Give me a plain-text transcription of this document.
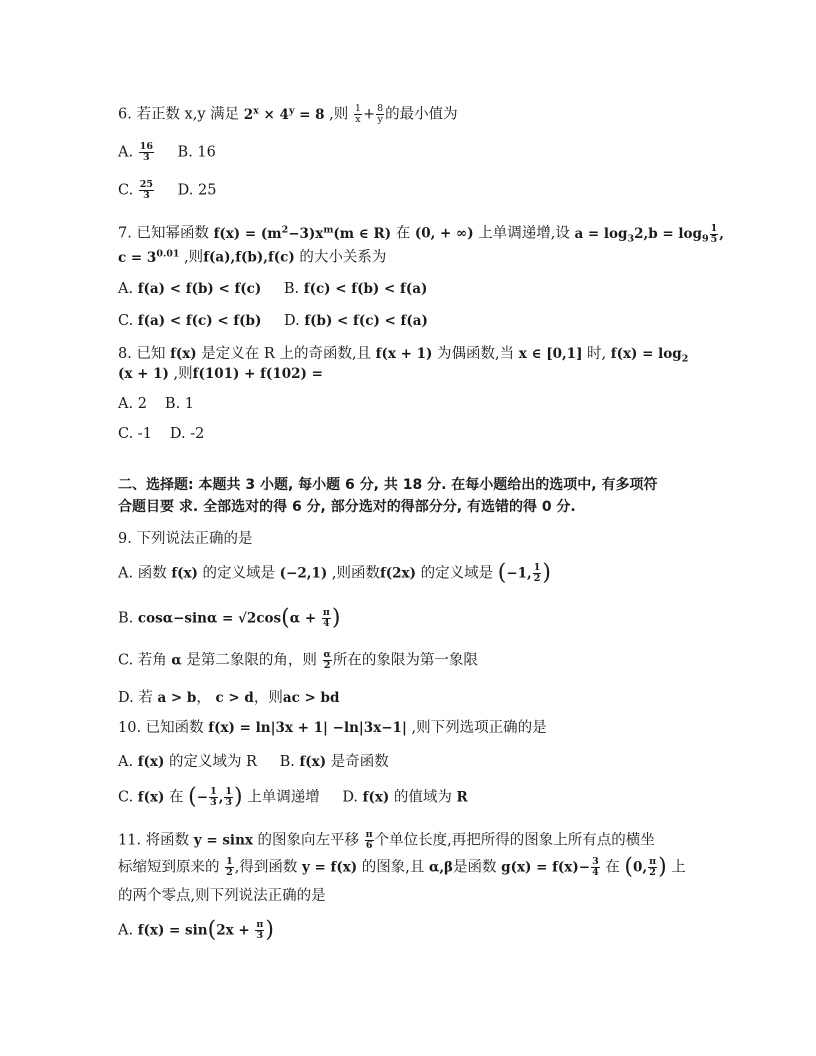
6. 若正数 x,y 满足 $2^x \times 4^y = 8$ ,则 $\frac{1}{x} + \frac{8}{y}$ 的最小值为
A. $\frac{16}{3} B$. 16
C. $\frac{25}{3} D$. 25
7. 已知幂函数 $f(x) = (m^2-3)x^m(m$ ∈ R) 在 (0, + ∞) 上单调递增,设 $a = \log_32,b = \log_9 \frac{1}{5}$ ,
$c = 3^{0.01}$ ,则f(a),f(b),f(c) 的大小关系为
A. f(a) < f(b) < f(c) B. f(c) < f(b) < f(a)
C. f(a) < f(c) < f(b) D. f(b) < f(c) < f(a)
8. 已知 f(x) 是定义在 R 上的奇函数,且 f(x + 1) 为偶函数,当 x ∈ [0,1] 时, $f(x) = \log_2$
(x + 1) ,则f(101) + f(102) =
A. 2 B. 1
C. -1 D. -2
二、选择题: 本题共 3 小题, 每小题 6 分, 共 18 分. 在每小题给出的选项中, 有多项符
合题目要 求. 全部选对的得 6 分, 部分选对的得部分分, 有选错的得 0 分.
9. 下列说法正确的是
A. 函数 f(x) 的定义域是 (−2,1) ,则函数f(2x) 的定义域是 (−1, $\frac{1}{2}$ )
B. $\cos\alpha-\sin\alpha = √2\cos(\alpha + \frac{\pi}{4}$ )
C. 若角 α 是第二象限的角，则 $\frac{\alpha}{2}$ 所在的象限为第一象限
D. 若 a > b， c > d，则ac > bd
10. 已知函数 f(x) = ln|3x + 1| −ln|3x−1| ,则下列选项正确的是
A. f(x) 的定义域为 R B. f(x) 是奇函数
C. f(x) 在 (− $\frac{1}{3}$ , $\frac{1}{3}$ ) 上单调递增 D. f(x) 的值域为 R
11. 将函数 y = sinx 的图象向左平移 $\frac{\pi}{6}$ 个单位长度,再把所得的图象上所有点的横坐
标缩短到原来的 $\frac{1}{2}$ ,得到函数 y = f(x) 的图象,且 α,β是函数 $g(x) = f(x)- \frac{3}{4}$ 在 (0, $\frac{\pi}{2}$ ) 上
的两个零点,则下列说法正确的是
A. $f(x) = \sin(2x + \frac{\pi}{3}$ )
